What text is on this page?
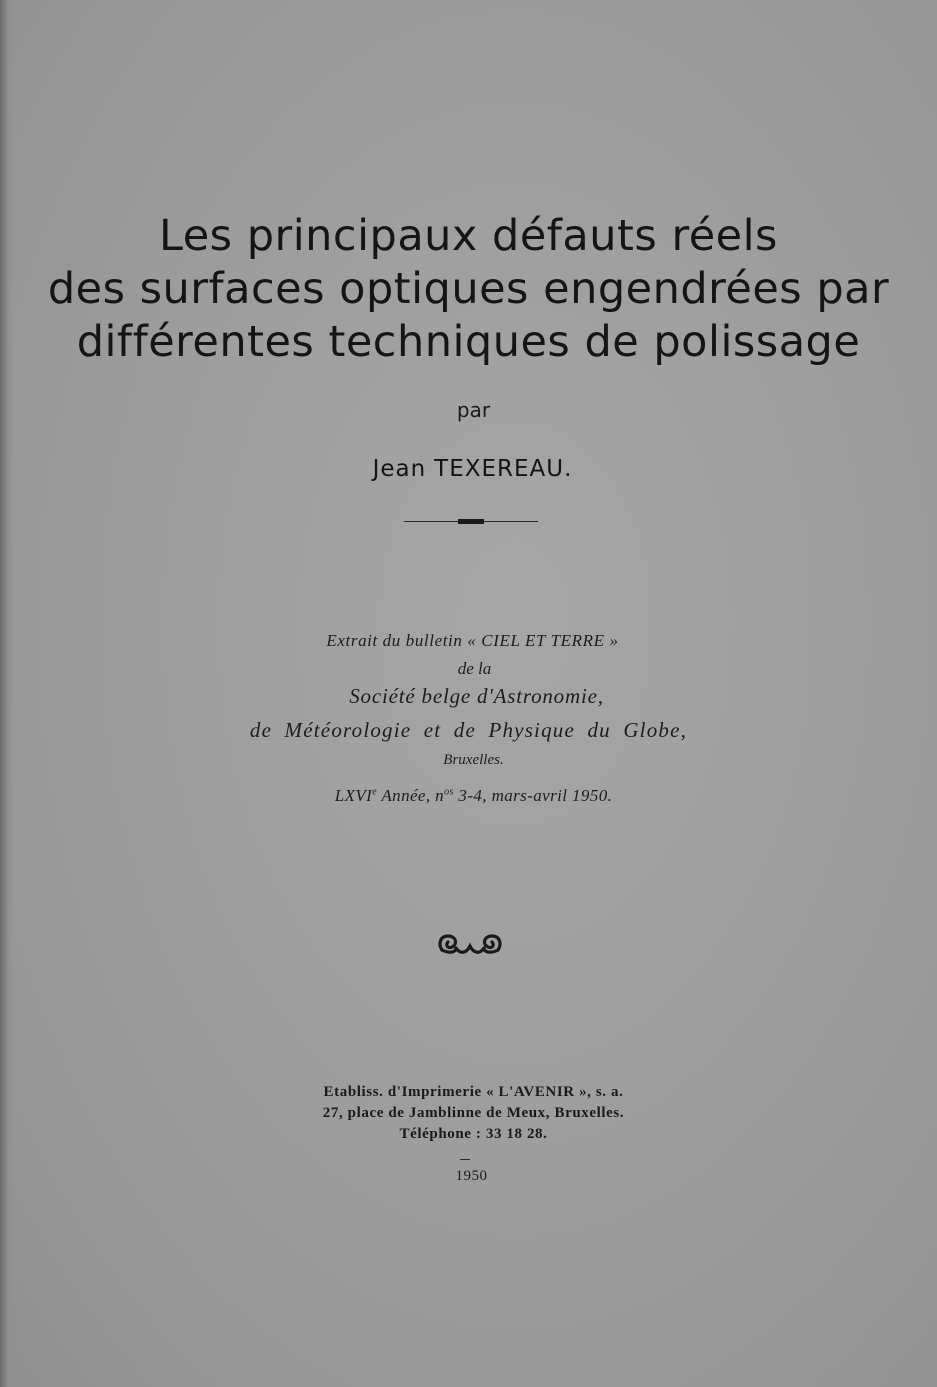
Les principaux défauts réels
des surfaces optiques engendrées par
différentes techniques de polissage
par
Jean TEXEREAU.
Extrait du bulletin « CIEL ET TERRE »
de la
Société belge d'Astronomie,
de Météorologie et de Physique du Globe,
Bruxelles.
LXVIe Année, $n^{os}$ 3-4, mars-avril 1950.
Etabliss. d'Imprimerie « L'AVENIR », s. a.
27, place de Jamblinne de Meux, Bruxelles.
Téléphone : 33 18 28.
1950
